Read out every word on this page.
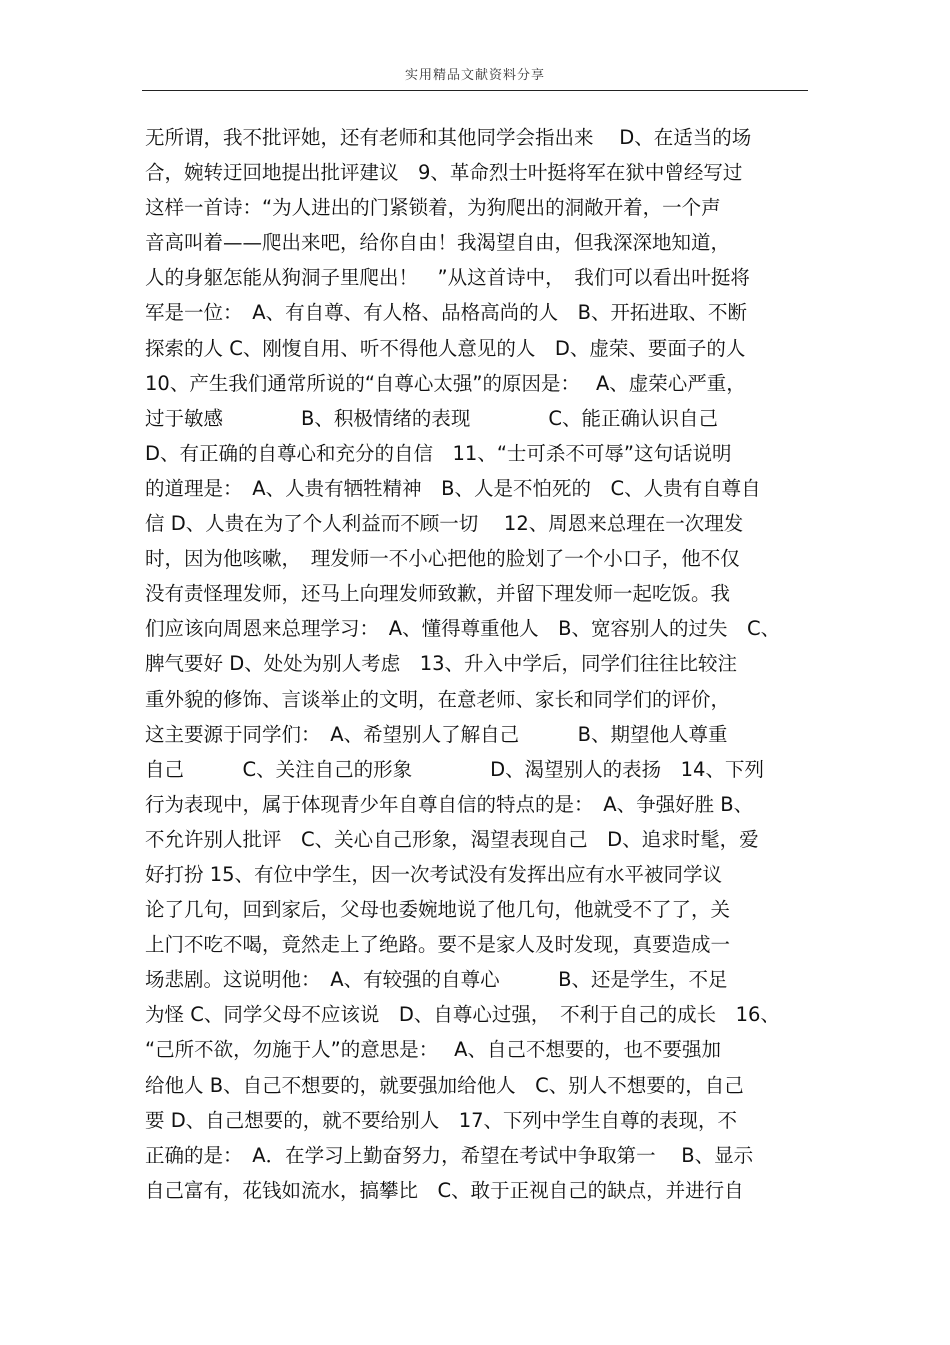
实用精品文献资料分享
无所谓，我不批评她，还有老师和其他同学会指出来　 D、在适当的场
合，婉转迂回地提出批评建议　9、革命烈士叶挺将军在狱中曾经写过
这样一首诗：“为人进出的门紧锁着，为狗爬出的洞敞开着，一个声
音高叫着——爬出来吧，给你自由！我渴望自由，但我深深地知道，
人的身躯怎能从狗洞子里爬出！　”从这首诗中，　我们可以看出叶挺将
军是一位：　A、有自尊、有人格、品格高尚的人　B、开拓进取、不断
探索的人 C、刚愎自用、听不得他人意见的人　D、虚荣、要面子的人
10、产生我们通常所说的“自尊心太强”的原因是：　 A、虚荣心严重，
过于敏感　　　　B、积极情绪的表现　　　　C、能正确认识自己
D、有正确的自尊心和充分的自信　11、“士可杀不可辱”这句话说明
的道理是：　A、人贵有牺牲精神　B、人是不怕死的　C、人贵有自尊自
信 D、人贵在为了个人利益而不顾一切　 12、周恩来总理在一次理发
时，因为他咳嗽，　理发师一不小心把他的脸划了一个小口子，他不仅
没有责怪理发师，还马上向理发师致歉，并留下理发师一起吃饭。我
们应该向周恩来总理学习：　A、懂得尊重他人　B、宽容别人的过失　C、
脾气要好 D、处处为别人考虑　13、升入中学后，同学们往往比较注
重外貌的修饰、言谈举止的文明，在意老师、家长和同学们的评价，
这主要源于同学们：　A、希望别人了解自己　　　B、期望他人尊重
自己　　　C、关注自己的形象　　　　D、渴望别人的表扬　14、下列
行为表现中，属于体现青少年自尊自信的特点的是：　A、争强好胜 B、
不允许别人批评　C、关心自己形象，渴望表现自己　D、追求时髦，爱
好打扮 15、有位中学生，因一次考试没有发挥出应有水平被同学议
论了几句，回到家后，父母也委婉地说了他几句，他就受不了了，关
上门不吃不喝，竟然走上了绝路。要不是家人及时发现，真要造成一
场悲剧。这说明他：　A、有较强的自尊心　　　B、还是学生，不足
为怪 C、同学父母不应该说　D、自尊心过强，　不利于自己的成长　16、
“己所不欲，勿施于人”的意思是：　 A、自己不想要的，也不要强加
给他人 B、自己不想要的，就要强加给他人　C、别人不想要的，自己
要 D、自己想要的，就不要给别人　17、下列中学生自尊的表现，不
正确的是：　A．在学习上勤奋努力，希望在考试中争取第一　 B、显示
自己富有，花钱如流水，搞攀比　C、敢于正视自己的缺点，并进行自
